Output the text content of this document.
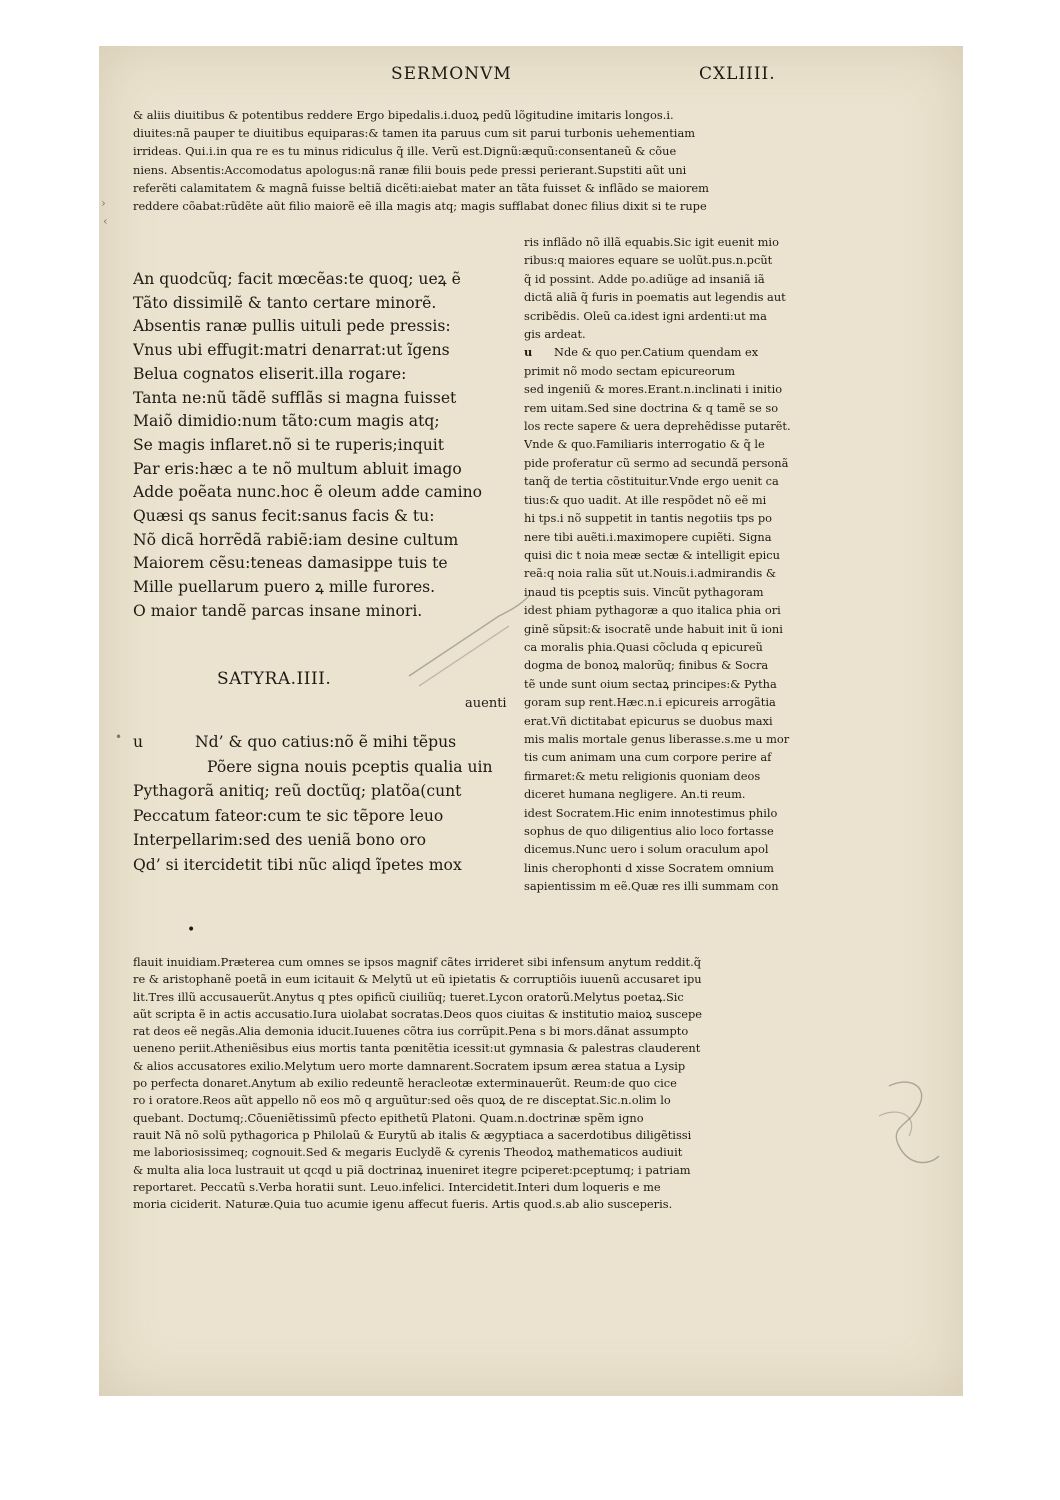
SERMONVM	CXLIIII.
& aliis diuitibus & potentibus reddere Ergo bipedalis.i.duoꝝ pedũ lõgitudine imitaris longos.i.
diuites:nã pauper te diuitibus equiparas:& tamen ita paruus cum sit parui turbonis uehementiam
irrideas. Qui.i.in qua re es tu minus ridiculus q̃ ille. Verũ est.Dignũ:æquũ:consentaneũ & cõue
niens. Absentis:Accomodatus apologus:nã ranæ filii bouis pede pressi perierant.Supstiti aũt uni
referẽti calamitatem & magnã fuisse beltiã dicẽti:aiebat mater an tãta fuisset & inflãdo se maiorem
reddere cõabat:rũdẽte aũt filio maiorẽ eẽ illa magis atq; magis sufflabat donec filius dixit si te rupe
ris inflãdo nõ illã equabis.Sic igit euenit mio
ribus:q maiores equare se uolũt.pus.n.pcũt
q̃ id possint. Adde po.adiũge ad insaniã iã
dictã aliã q̃ furis in poematis aut legendis aut
scribẽdis. Oleũ ca.idest igni ardenti:ut ma
gis ardeat.
u Nde & quo per.Catium quendam ex
primit nõ modo sectam epicureorum
sed ingeniũ & mores.Erant.n.inclinati i initio
rem uitam.Sed sine doctrina & q tamẽ se so
los recte sapere & uera deprehẽdisse putarẽt.
Vnde & quo.Familiaris interrogatio & q̃ le
pide proferatur cũ sermo ad secundã personã
tanq̃ de tertia cõstituitur.Vnde ergo uenit ca
tius:& quo uadit. At ille respõdet nõ eẽ mi
hi tps.i nõ suppetit in tantis negotiis tps po
nere tibi auẽti.i.maximopere cupiẽti. Signa
quisi dic t noia meæ sectæ & intelligit epicu
reã:q noia ralia sũt ut.Nouis.i.admirandis &
inaud tis pceptis suis. Vincũt pythagoram
idest phiam pythagoræ a quo italica phia ori
ginẽ sũpsit:& isocratẽ unde habuit init ũ ioni
ca moralis phia.Quasi cõcluda q epicureũ
dogma de bonoꝝ malorũq; finibus & Socra
tẽ unde sunt oium sectaꝝ principes:& Pytha
goram sup rent.Hæc.n.i epicureis arrogãtia
erat.Vñ dictitabat epicurus se duobus maxi
mis malis mortale genus liberasse.s.me u mor
tis cum animam una cum corpore perire af
firmaret:& metu religionis quoniam deos
diceret humana negligere. An.ti reum.
idest Socratem.Hic enim innotestimus philo
sophus de quo diligentius alio loco fortasse
dicemus.Nunc uero i solum oraculum apol
linis cherophonti d xisse Socratem omnium
sapientissim m eẽ.Quæ res illi summam con
An quodcũq; facit mœcẽas:te quoq; ueꝝ ẽ
Tãto dissimilẽ & tanto certare minorẽ.
Absentis ranæ pullis uituli pede pressis:
Vnus ubi effugit:matri denarrat:ut ĩgens
Belua cognatos eliserit.illa rogare:
Tanta ne:nũ tãdẽ sufflãs si magna fuisset
Maiõ dimidio:num tãto:cum magis atq;
Se magis inflaret.nõ si te ruperis;inquit
Par eris:hæc a te nõ multum abluit imago
Adde poẽata nunc.hoc ẽ oleum adde camino
Quæsi qs sanus fecit:sanus facis & tu:
Nõ dicã horrẽdã rabiẽ:iam desine cultum
Maiorem cẽsu:teneas damasippe tuis te
Mille puellarum puero ꝝ mille furores.
O maior tandẽ parcas insane minori.
SATYRA.IIII.
auenti
u	Nd’ & quo catius:nõ ẽ mihi tẽpus
Põere signa nouis pceptis qualia uin
Pythagorã anitiq; reũ doctũq; platõa(cunt
Peccatum fateor:cum te sic tẽpore leuo
Interpellarim:sed des ueniã bono oro
Qd’ si itercidetit tibi nũc aliqd ĩpetes mox
•
flauit inuidiam.Præterea cum omnes se ipsos magnif cãtes irrideret sibi infensum anytum reddit.q̃
re & aristophanẽ poetã in eum icitauit & Melytũ ut eũ ipietatis & corruptiõis iuuenũ accusaret ipu
lit.Tres illũ accusauerũt.Anytus q ptes opificũ ciuiliũq; tueret.Lycon oratorũ.Melytus poetaꝝ.Sic
aũt scripta ẽ in actis accusatio.Iura uiolabat socratas.Deos quos ciuitas & institutio maioꝝ suscepe
rat deos eẽ negãs.Alia demonia iducit.Iuuenes cõtra ius corrũpit.Pena s bi mors.dãnat assumpto
ueneno periit.Atheniẽsibus eius mortis tanta pœnitẽtia icessit:ut gymnasia & palestras clauderent
& alios accusatores exilio.Melytum uero morte damnarent.Socratem ipsum ærea statua a Lysip
po perfecta donaret.Anytum ab exilio redeuntẽ heracleotæ exterminauerũt. Reum:de quo cice
ro i oratore.Reos aũt appello nõ eos mõ q arguũtur:sed oẽs quoꝝ de re disceptat.Sic.n.olim lo
quebant. Doctumq;.Cõueniẽtissimũ pfecto epithetũ Platoni. Quam.n.doctrinæ spẽm igno
rauit Nã nõ solũ pythagorica p Philolaũ & Eurytũ ab italis & ægyptiaca a sacerdotibus diligẽtissi
me laboriosissimeq; cognouit.Sed & megaris Euclydẽ & cyrenis Theodoꝝ mathematicos audiuit
& multa alia loca lustrauit ut qcqd u piã doctrinaꝝ inueniret itegre pciperet:pceptumq; i patriam
reportaret. Peccatũ s.Verba horatii sunt. Leuo.infelici. Intercidetit.Interi dum loqueris e me
moria ciciderit. Naturæ.Quia tuo acumie igenu affecut fueris. Artis quod.s.ab alio susceperis.
›
‹
•
